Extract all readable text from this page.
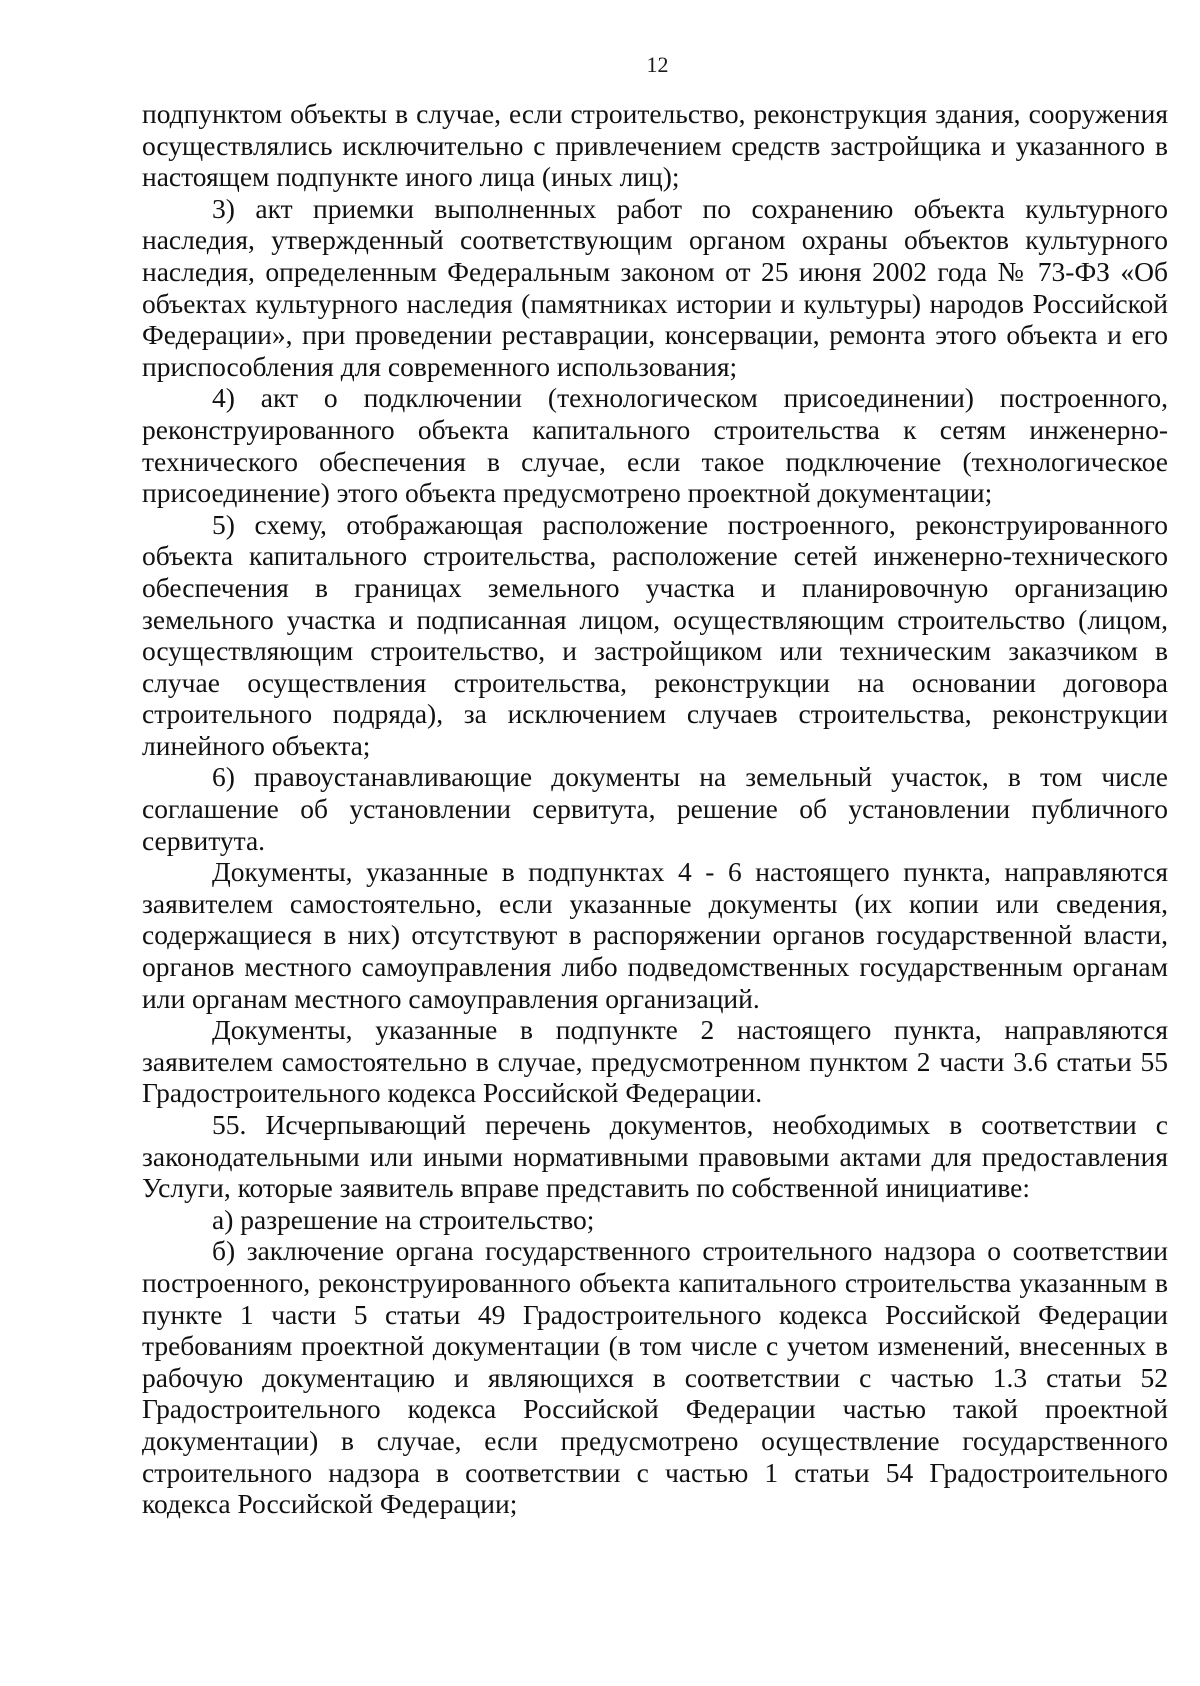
12

подпунктом объекты в случае, если строительство, реконструкция здания, сооружения осуществлялись исключительно с привлечением средств застройщика и указанного в настоящем подпункте иного лица (иных лиц);

3) акт приемки выполненных работ по сохранению объекта культурного наследия, утвержденный соответствующим органом охраны объектов культурного наследия, определенным Федеральным законом от 25 июня 2002 года № 73-ФЗ «Об объектах культурного наследия (памятниках истории и культуры) народов Российской Федерации», при проведении реставрации, консервации, ремонта этого объекта и его приспособления для современного использования;

4) акт о подключении (технологическом присоединении) построенного, реконструированного объекта капитального строительства к сетям инженерно-технического обеспечения в случае, если такое подключение (технологическое присоединение) этого объекта предусмотрено проектной документации;

5) схему, отображающая расположение построенного, реконструированного объекта капитального строительства, расположение сетей инженерно-технического обеспечения в границах земельного участка и планировочную организацию земельного участка и подписанная лицом, осуществляющим строительство (лицом, осуществляющим строительство, и застройщиком или техническим заказчиком в случае осуществления строительства, реконструкции на основании договора строительного подряда), за исключением случаев строительства, реконструкции линейного объекта;

6) правоустанавливающие документы на земельный участок, в том числе соглашение об установлении сервитута, решение об установлении публичного сервитута.

Документы, указанные в подпунктах 4 - 6 настоящего пункта, направляются заявителем самостоятельно, если указанные документы (их копии или сведения, содержащиеся в них) отсутствуют в распоряжении органов государственной власти, органов местного самоуправления либо подведомственных государственным органам или органам местного самоуправления организаций.

Документы, указанные в подпункте 2 настоящего пункта, направляются заявителем самостоятельно в случае, предусмотренном пунктом 2 части 3.6 статьи 55 Градостроительного кодекса Российской Федерации.

55. Исчерпывающий перечень документов, необходимых в соответствии с законодательными или иными нормативными правовыми актами для предоставления Услуги, которые заявитель вправе представить по собственной инициативе:

а) разрешение на строительство;

б) заключение органа государственного строительного надзора о соответствии построенного, реконструированного объекта капитального строительства указанным в пункте 1 части 5 статьи 49 Градостроительного кодекса Российской Федерации требованиям проектной документации (в том числе с учетом изменений, внесенных в рабочую документацию и являющихся в соответствии с частью 1.3 статьи 52 Градостроительного кодекса Российской Федерации частью такой проектной документации) в случае, если предусмотрено осуществление государственного строительного надзора в соответствии с частью 1 статьи 54 Градостроительного кодекса Российской Федерации;
